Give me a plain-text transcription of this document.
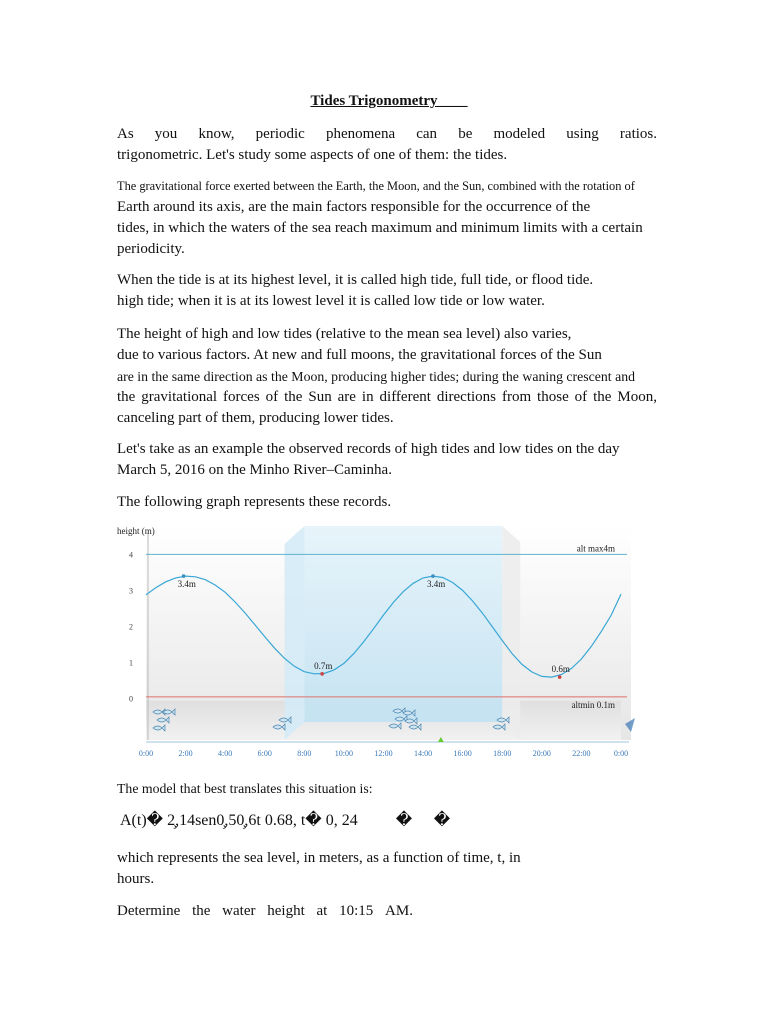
Tides Trigonometry____
As you know, periodic phenomena can be modeled using ratios.
trigonometric. Let's study some aspects of one of them: the tides.
The gravitational force exerted between the Earth, the Moon, and the Sun, combined with the rotation of
Earth around its axis, are the main factors responsible for the occurrence of the
tides, in which the waters of the sea reach maximum and minimum limits with a certain
periodicity.
When the tide is at its highest level, it is called high tide, full tide, or flood tide.
high tide; when it is at its lowest level it is called low tide or low water.
The height of high and low tides (relative to the mean sea level) also varies,
due to various factors. At new and full moons, the gravitational forces of the Sun
are in the same direction as the Moon, producing higher tides; during the waning crescent and
the gravitational forces of the Sun are in different directions from those of the Moon,
canceling part of them, producing lower tides.
Let's take as an example the observed records of high tides and low tides on the day
March 5, 2016 on the Minho River–Caminha.
The following graph represents these records.
height (m)
4
3
2
1
0
0:00	2:00	4:00	6:00	8:00	10:00	12:00	14:00	16:00	18:00	20:00	22:00	0:00
alt max4m
altmin 0.1m
3.4m
0.7m
3.4m
0.6m
The model that best translates this situation is:
A(t)� 2̧,14sen0̧,50̧,6t 0.68, t� 0, 24 � �
which represents the sea level, in meters, as a function of time, t, in
hours.
Determine the water height at 10:15 AM.
